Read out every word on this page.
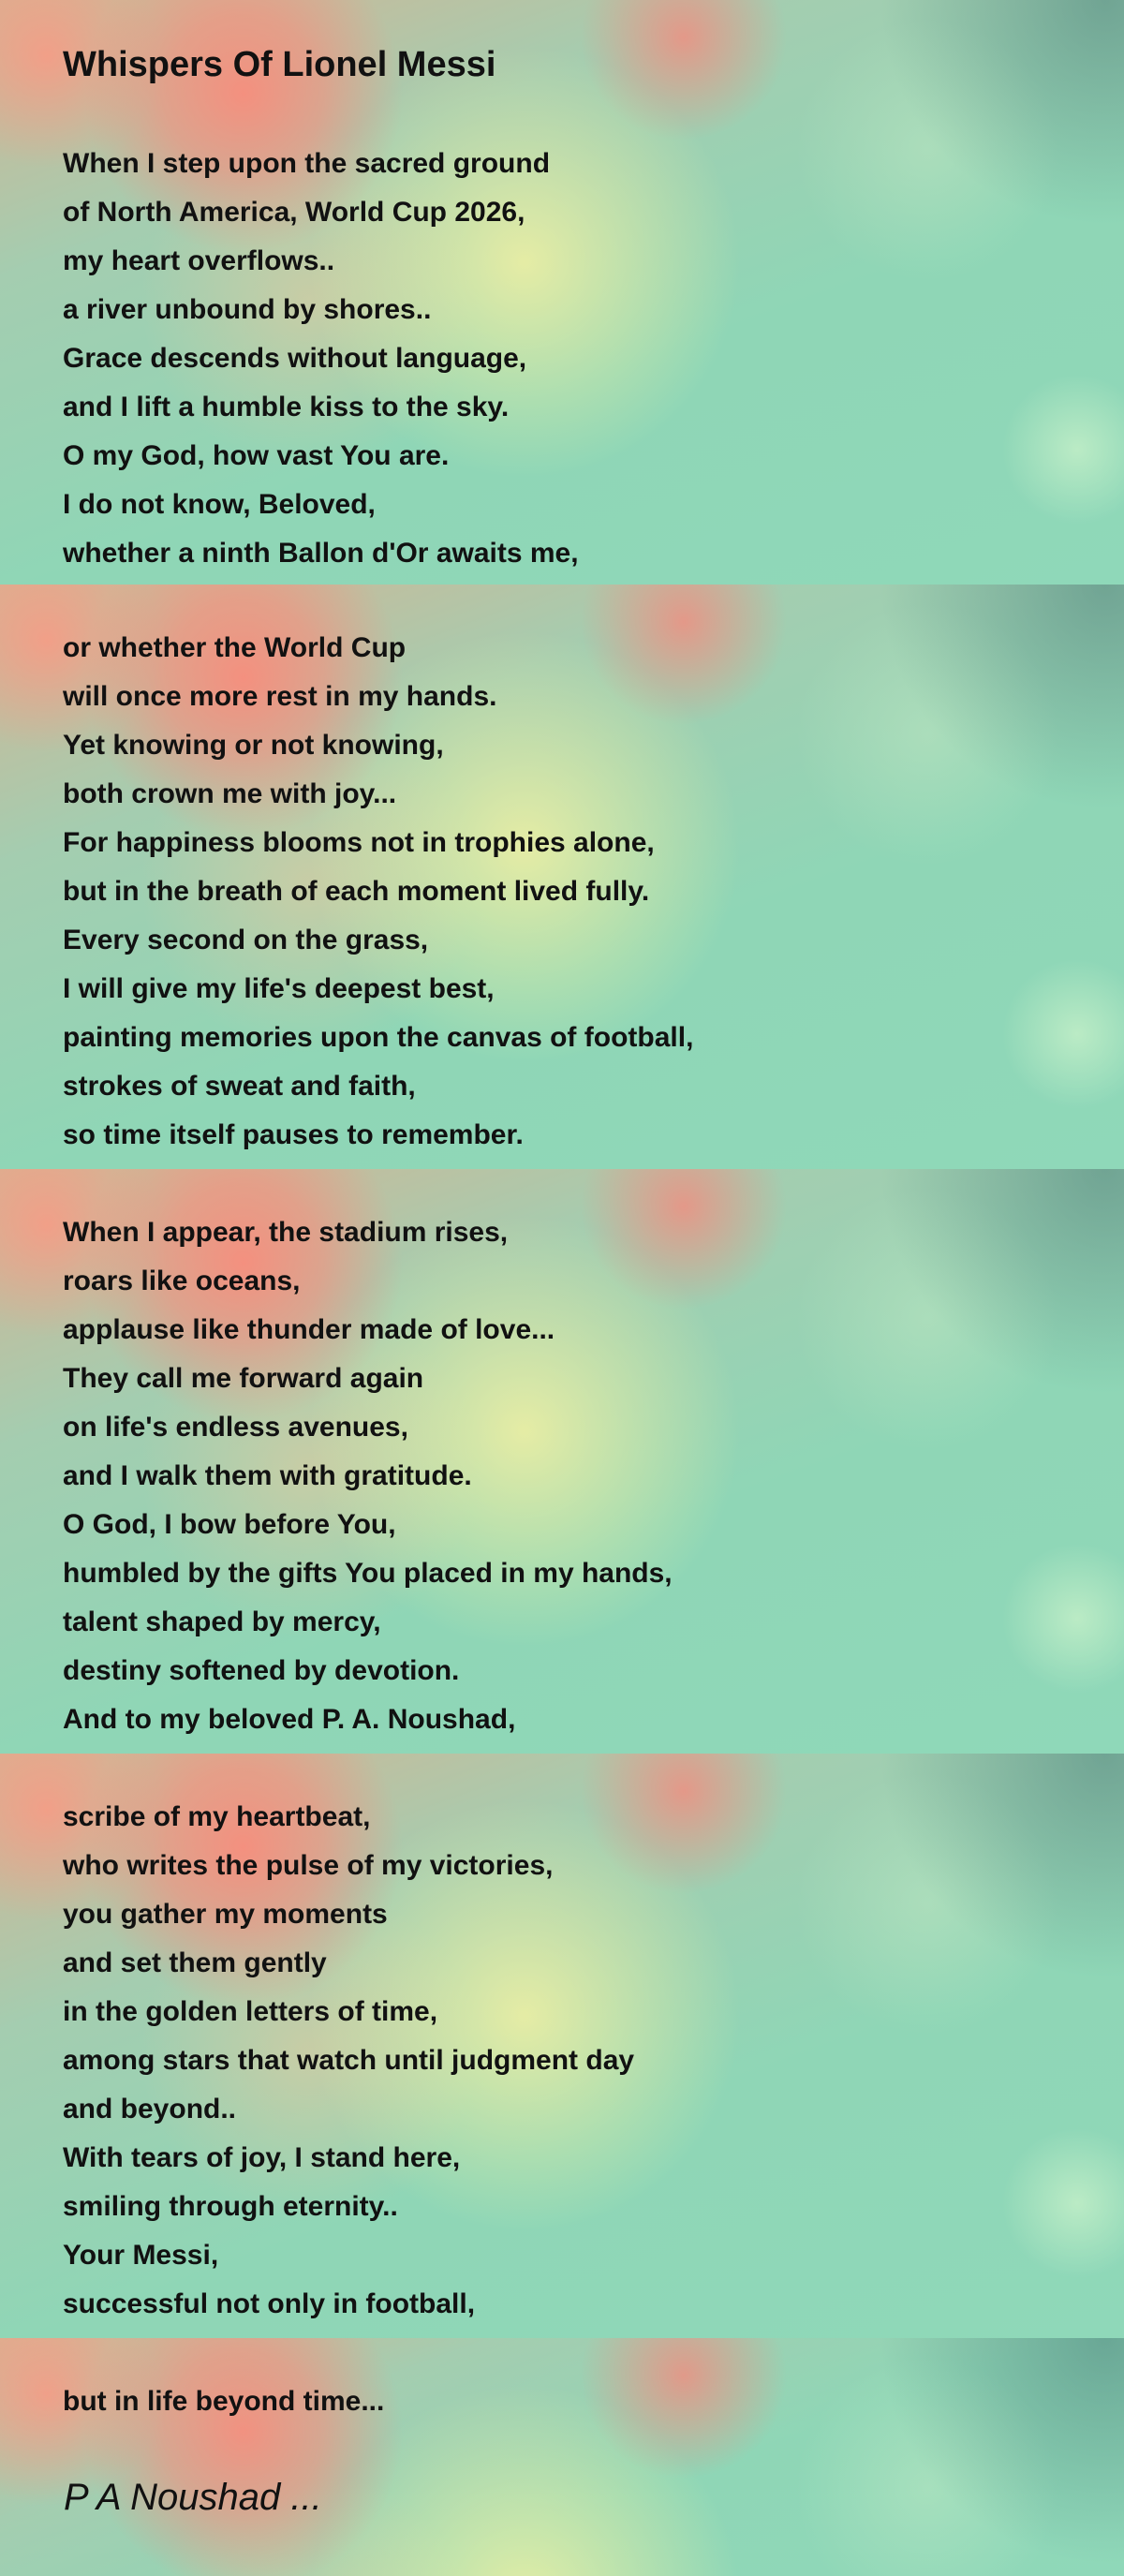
Whispers Of Lionel Messi
When I step upon the sacred ground
of North America, World Cup 2026,
my heart overflows..
a river unbound by shores..
Grace descends without language,
and I lift a humble kiss to the sky.
O my God, how vast You are.
I do not know, Beloved,
whether a ninth Ballon d'Or awaits me,
or whether the World Cup
will once more rest in my hands.
Yet knowing or not knowing,
both crown me with joy...
For happiness blooms not in trophies alone,
but in the breath of each moment lived fully.
Every second on the grass,
I will give my life's deepest best,
painting memories upon the canvas of football,
strokes of sweat and faith,
so time itself pauses to remember.
When I appear, the stadium rises,
roars like oceans,
applause like thunder made of love...
They call me forward again
on life's endless avenues,
and I walk them with gratitude.
O God, I bow before You,
humbled by the gifts You placed in my hands,
talent shaped by mercy,
destiny softened by devotion.
And to my beloved P. A. Noushad,
scribe of my heartbeat,
who writes the pulse of my victories,
you gather my moments
and set them gently
in the golden letters of time,
among stars that watch until judgment day
and beyond..
With tears of joy, I stand here,
smiling through eternity..
Your Messi,
successful not only in football,
but in life beyond time...
P A Noushad ...
